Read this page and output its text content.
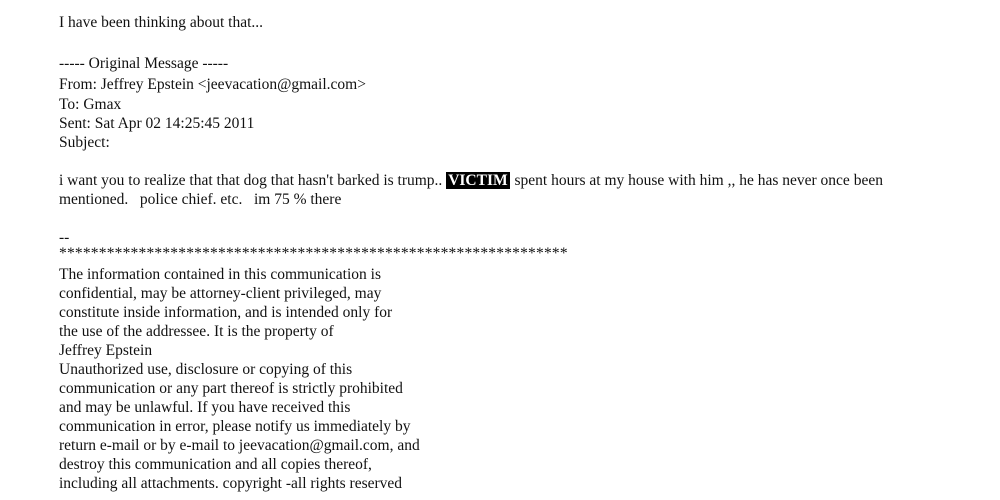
I have been thinking about that...
----- Original Message -----
From: Jeffrey Epstein <jeevacation@gmail.com>
To: Gmax
Sent: Sat Apr 02 14:25:45 2011
Subject:
i want you to realize that that dog that hasn't barked is trump.. VICTIM spent hours at my house with him ,, he has never once been
mentioned.   police chief. etc.   im 75 % there
--
****************************************************************
The information contained in this communication is
confidential, may be attorney-client privileged, may
constitute inside information, and is intended only for
the use of the addressee. It is the property of
Jeffrey Epstein
Unauthorized use, disclosure or copying of this
communication or any part thereof is strictly prohibited
and may be unlawful. If you have received this
communication in error, please notify us immediately by
return e-mail or by e-mail to jeevacation@gmail.com, and
destroy this communication and all copies thereof,
including all attachments. copyright -all rights reserved
